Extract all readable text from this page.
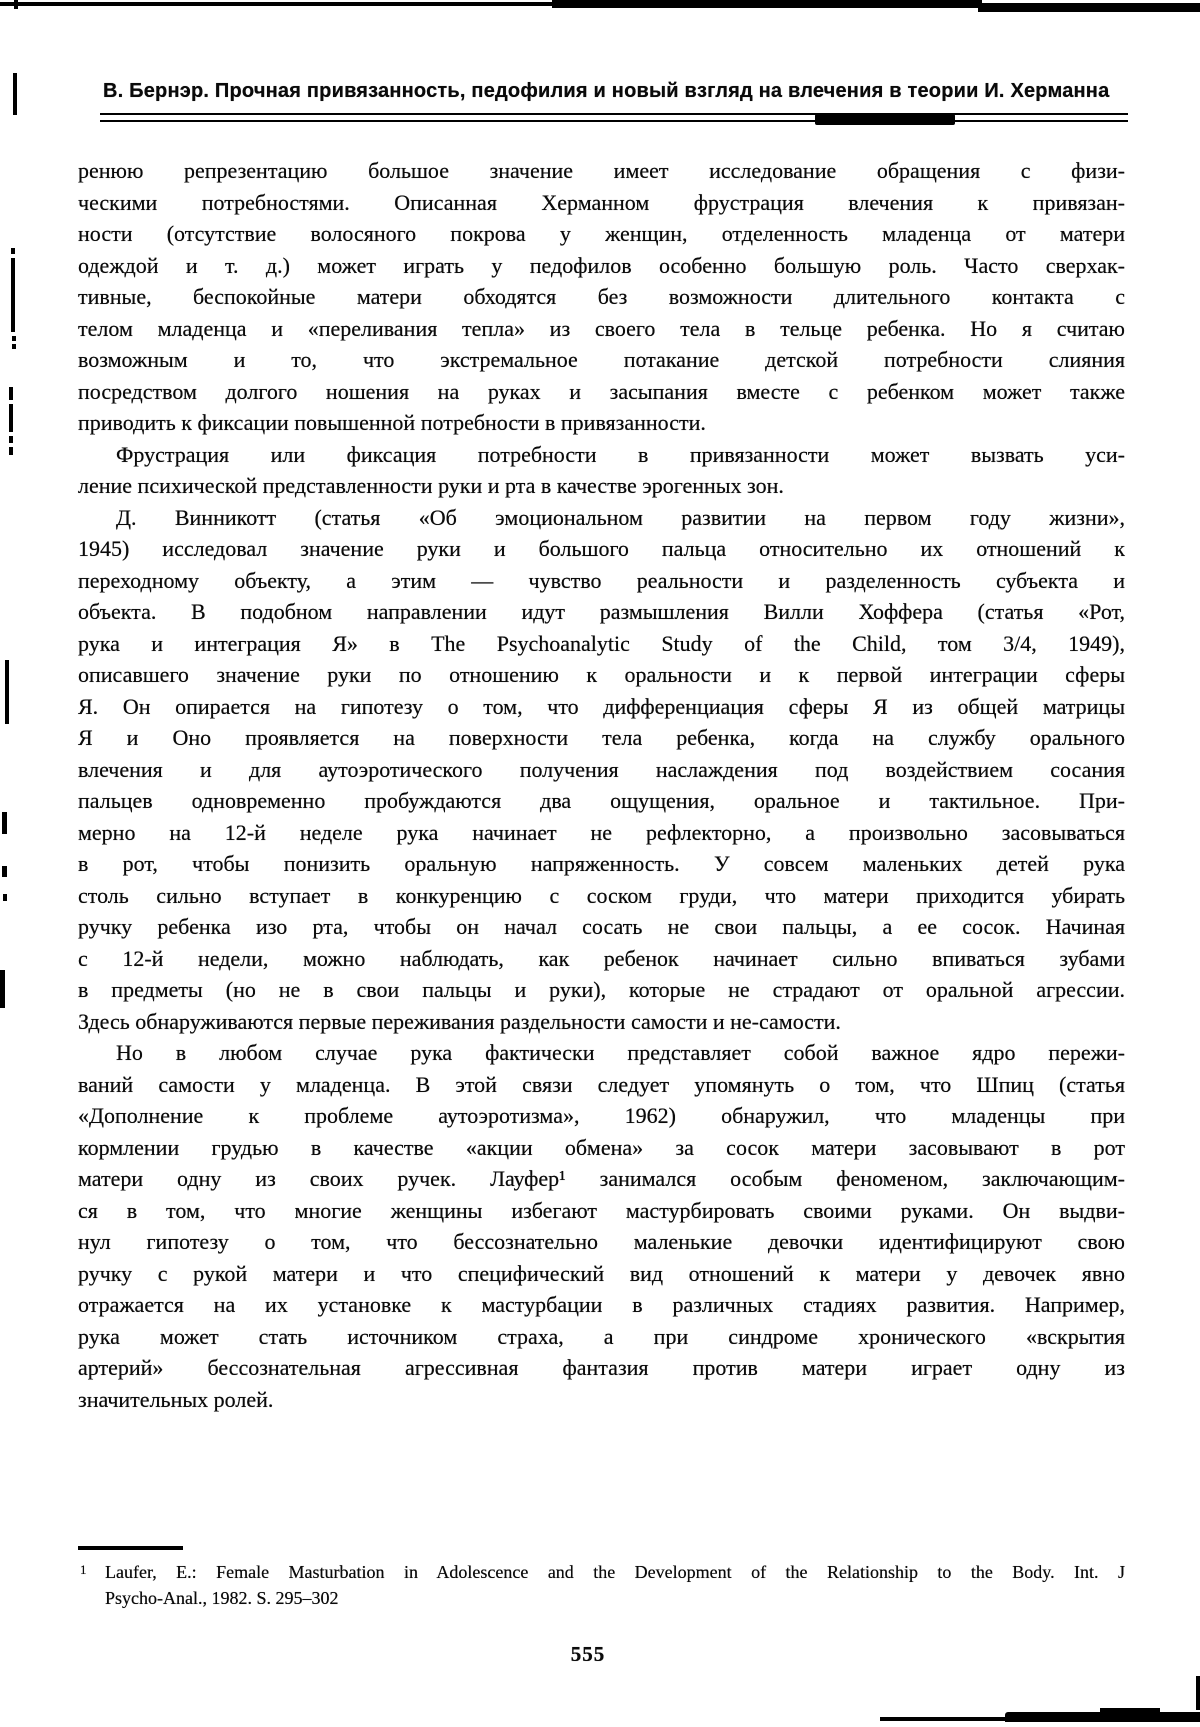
В. Бернэр. Прочная привязанность, педофилия и новый взгляд на влечения в теории И. Херманна
ренюю репрезентацию большое значение имеет исследование обращения с физи-
ческими потребностями. Описанная Херманном фрустрация влечения к привязан-
ности (отсутствие волосяного покрова у женщин, отделенность младенца от матери
одеждой и т. д.) может играть у педофилов особенно большую роль. Часто сверхак-
тивные, беспокойные матери обходятся без возможности длительного контакта с
телом младенца и «переливания тепла» из своего тела в тельце ребенка. Но я считаю
возможным и то, что экстремальное потакание детской потребности слияния
посредством долгого ношения на руках и засыпания вместе с ребенком может также
приводить к фиксации повышенной потребности в привязанности.
Фрустрация или фиксация потребности в привязанности может вызвать уси-
ление психической представленности руки и рта в качестве эрогенных зон.
Д. Винникотт (статья «Об эмоциональном развитии на первом году жизни»,
1945) исследовал значение руки и большого пальца относительно их отношений к
переходному объекту, а этим — чувство реальности и разделенность субъекта и
объекта. В подобном направлении идут размышления Вилли Хоффера (статья «Рот,
рука и интеграция Я» в The Psychoanalytic Study of the Child, том 3/4, 1949),
описавшего значение руки по отношению к оральности и к первой интеграции сферы
Я. Он опирается на гипотезу о том, что дифференциация сферы Я из общей матрицы
Я и Оно проявляется на поверхности тела ребенка, когда на службу орального
влечения и для аутоэротического получения наслаждения под воздействием сосания
пальцев одновременно пробуждаются два ощущения, оральное и тактильное. При-
мерно на 12-й неделе рука начинает не рефлекторно, а произвольно засовываться
в рот, чтобы понизить оральную напряженность. У совсем маленьких детей рука
столь сильно вступает в конкуренцию с соском груди, что матери приходится убирать
ручку ребенка изо рта, чтобы он начал сосать не свои пальцы, а ее сосок. Начиная
с 12-й недели, можно наблюдать, как ребенок начинает сильно впиваться зубами
в предметы (но не в свои пальцы и руки), которые не страдают от оральной агрессии.
Здесь обнаруживаются первые переживания раздельности самости и не-самости.
Но в любом случае рука фактически представляет собой важное ядро пережи-
ваний самости у младенца. В этой связи следует упомянуть о том, что Шпиц (статья
«Дополнение к проблеме аутоэротизма», 1962) обнаружил, что младенцы при
кормлении грудью в качестве «акции обмена» за сосок матери засовывают в рот
матери одну из своих ручек. Лауфер¹ занимался особым феноменом, заключающим-
ся в том, что многие женщины избегают мастурбировать своими руками. Он выдви-
нул гипотезу о том, что бессознательно маленькие девочки идентифицируют свою
ручку с рукой матери и что специфический вид отношений к матери у девочек явно
отражается на их установке к мастурбации в различных стадиях развития. Например,
рука может стать источником страха, а при синдроме хронического «вскрытия
артерий» бессознательная агрессивная фантазия против матери играет одну из
значительных ролей.
1 Laufer, E.: Female Masturbation in Adolescence and the Development of the Relationship to the Body. Int. J
Psycho-Anal., 1982. S. 295–302
555
